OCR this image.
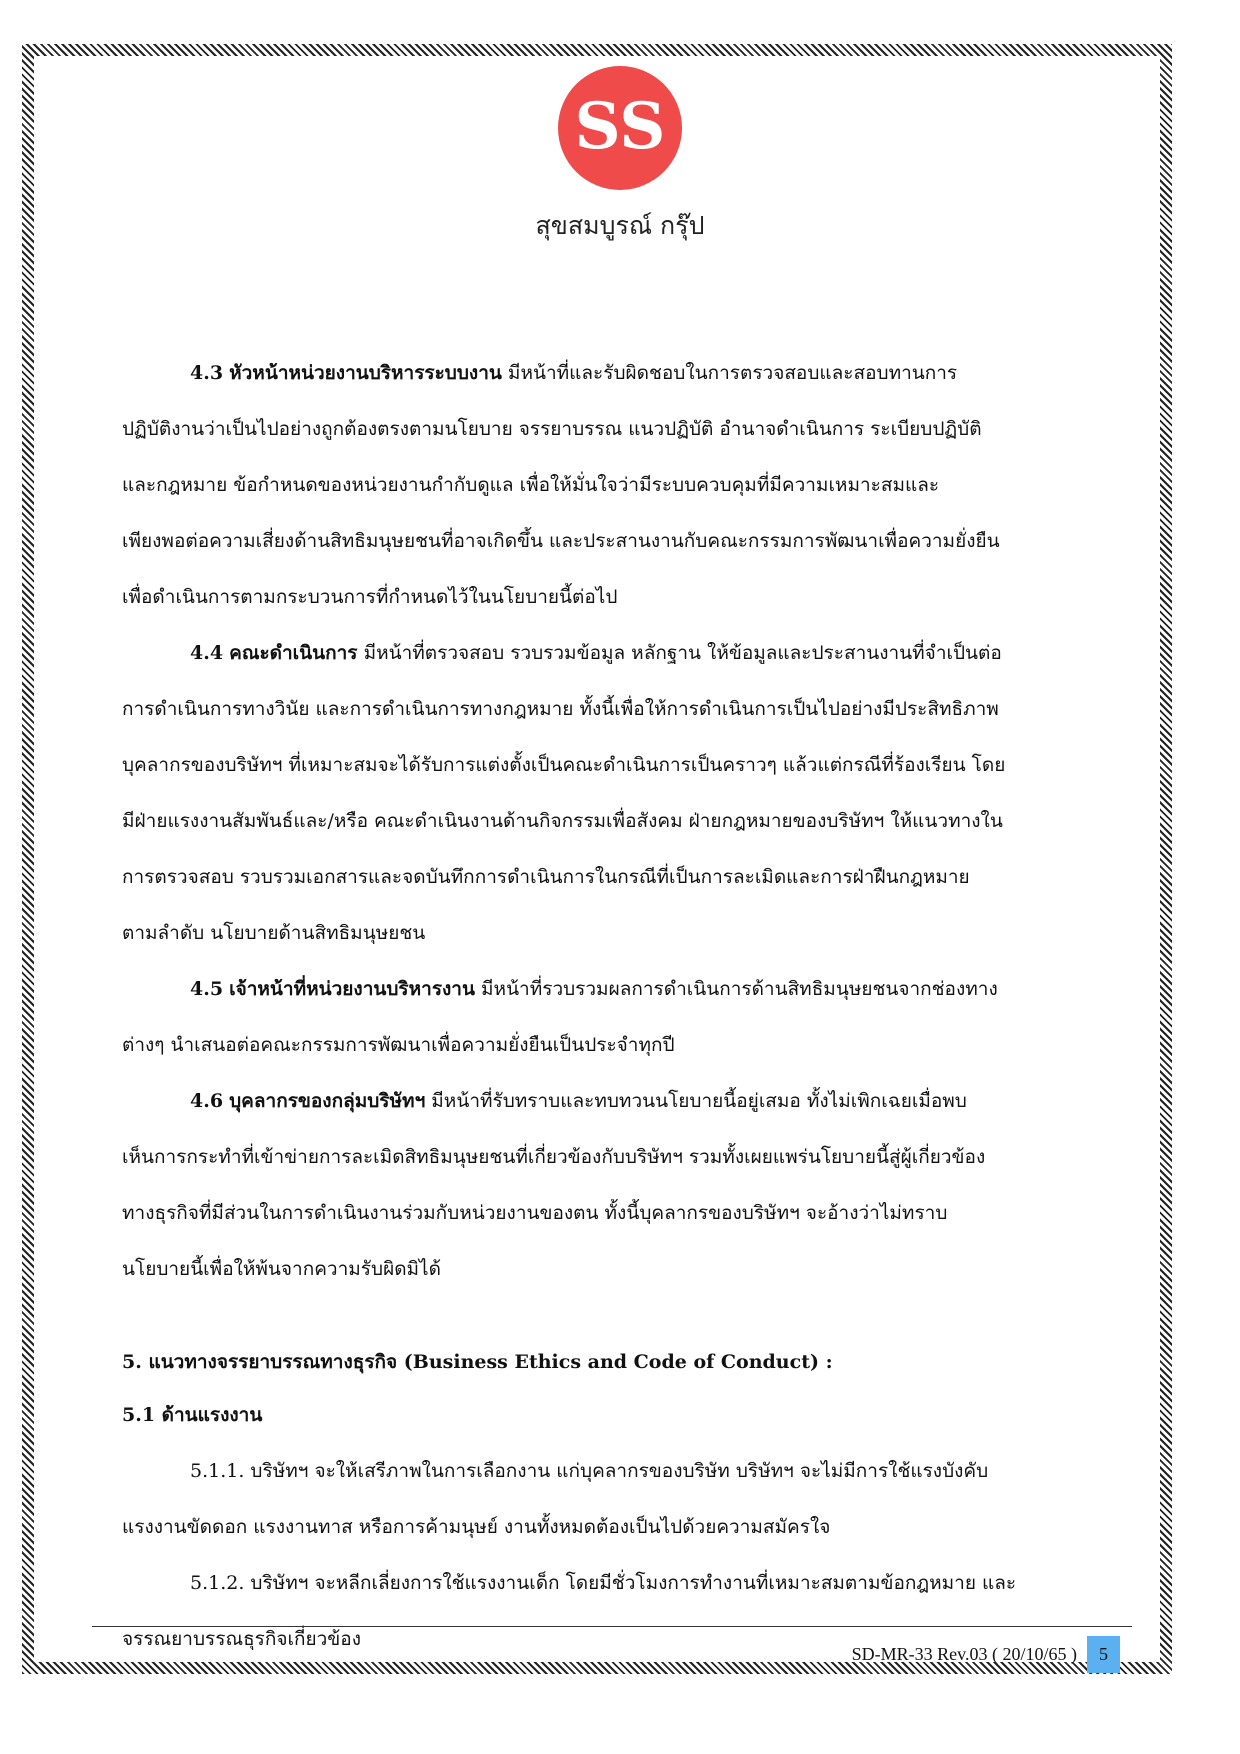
SS
สุขสมบูรณ์ กรุ๊ป

4.3 หัวหน้าหน่วยงานบริหารระบบงาน มีหน้าที่และรับผิดชอบในการตรวจสอบและสอบทานการ

ปฏิบัติงานว่าเป็นไปอย่างถูกต้องตรงตามนโยบาย จรรยาบรรณ แนวปฏิบัติ อำนาจดำเนินการ ระเบียบปฏิบัติ

และกฎหมาย ข้อกำหนดของหน่วยงานกำกับดูแล เพื่อให้มั่นใจว่ามีระบบควบคุมที่มีความเหมาะสมและ

เพียงพอต่อความเสี่ยงด้านสิทธิมนุษยชนที่อาจเกิดขึ้น และประสานงานกับคณะกรรมการพัฒนาเพื่อความยั่งยืน

เพื่อดำเนินการตามกระบวนการที่กำหนดไว้ในนโยบายนี้ต่อไป

4.4 คณะดำเนินการ มีหน้าที่ตรวจสอบ รวบรวมข้อมูล หลักฐาน ให้ข้อมูลและประสานงานที่จำเป็นต่อ

การดำเนินการทางวินัย และการดำเนินการทางกฎหมาย ทั้งนี้เพื่อให้การดำเนินการเป็นไปอย่างมีประสิทธิภาพ

บุคลากรของบริษัทฯ ที่เหมาะสมจะได้รับการแต่งตั้งเป็นคณะดำเนินการเป็นคราวๆ แล้วแต่กรณีที่ร้องเรียน โดย

มีฝ่ายแรงงานสัมพันธ์และ/หรือ คณะดำเนินงานด้านกิจกรรมเพื่อสังคม ฝ่ายกฎหมายของบริษัทฯ ให้แนวทางใน

การตรวจสอบ รวบรวมเอกสารและจดบันทึกการดำเนินการในกรณีที่เป็นการละเมิดและการฝ่าฝืนกฎหมาย

ตามลำดับ นโยบายด้านสิทธิมนุษยชน

4.5 เจ้าหน้าที่หน่วยงานบริหารงาน มีหน้าที่รวบรวมผลการดำเนินการด้านสิทธิมนุษยชนจากช่องทาง

ต่างๆ นำเสนอต่อคณะกรรมการพัฒนาเพื่อความยั่งยืนเป็นประจำทุกปี

4.6 บุคลากรของกลุ่มบริษัทฯ มีหน้าที่รับทราบและทบทวนนโยบายนี้อยู่เสมอ ทั้งไม่เพิกเฉยเมื่อพบ

เห็นการกระทำที่เข้าข่ายการละเมิดสิทธิมนุษยชนที่เกี่ยวข้องกับบริษัทฯ รวมทั้งเผยแพร่นโยบายนี้สู่ผู้เกี่ยวข้อง

ทางธุรกิจที่มีส่วนในการดำเนินงานร่วมกับหน่วยงานของตน ทั้งนี้บุคลากรของบริษัทฯ จะอ้างว่าไม่ทราบ

นโยบายนี้เพื่อให้พ้นจากความรับผิดมิได้

5. แนวทางจรรยาบรรณทางธุรกิจ (Business Ethics and Code of Conduct) :

5.1 ด้านแรงงาน

5.1.1. บริษัทฯ จะให้เสรีภาพในการเลือกงาน แก่บุคลากรของบริษัท บริษัทฯ จะไม่มีการใช้แรงบังคับ

แรงงานขัดดอก แรงงานทาส หรือการค้ามนุษย์ งานทั้งหมดต้องเป็นไปด้วยความสมัครใจ

5.1.2. บริษัทฯ จะหลีกเลี่ยงการใช้แรงงานเด็ก โดยมีชั่วโมงการทำงานที่เหมาะสมตามข้อกฎหมาย และ

จรรณยาบรรณธุรกิจเกี่ยวข้อง

SD-MR-33 Rev.03 ( 20/10/65 )	5
